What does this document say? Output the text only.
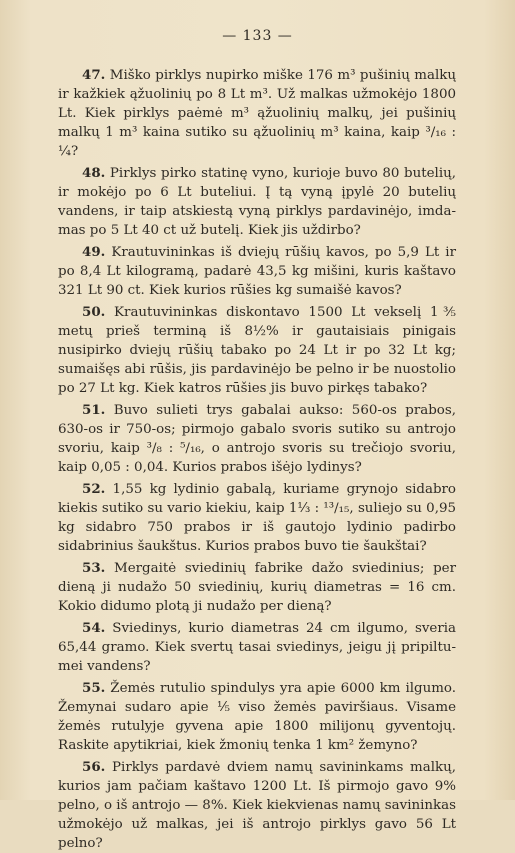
— 133 —

47. Miško pirklys nupirko miške 176 m³ pušinių malkų ir kažkiek ąžuolinių po 8 Lt m³. Už malkas užmokėjo 1800 Lt. Kiek pirklys paėmė m³ ąžuolinių malkų, jei pušinių malkų 1 m³ kaina sutiko su ąžuolinių m³ kaina, kaip ³/₁₆ : ¼?

48. Pirklys pirko statinę vyno, kurioje buvo 80 butelių, ir mokėjo po 6 Lt buteliui. Į tą vyną įpylė 20 butelių vandens, ir taip atskiestą vyną pirklys pardavinėjo, imdamas po 5 Lt 40 ct už butelį. Kiek jis uždirbo?

49. Krautuvininkas iš dviejų rūšių kavos, po 5,9 Lt ir po 8,4 Lt kilogramą, padarė 43,5 kg mišini, kuris kaštavo 321 Lt 90 ct. Kiek kurios rūšies kg sumaišė kavos?

50. Krautuvininkas diskontavo 1500 Lt vekselį 1⅗ metų prieš terminą iš 8½% ir gautaisiais pinigais nusipirko dviejų rūšių tabako po 24 Lt ir po 32 Lt kg; sumaišęs abi rūšis, jis pardavinėjo be pelno ir be nuostolio po 27 Lt kg. Kiek katros rūšies jis buvo pirkęs tabako?

51. Buvo sulieti trys gabalai aukso: 560-os prabos, 630-os ir 750-os; pirmojo gabalo svoris sutiko su antrojo svoriu, kaip ³/₈ : ⁵/₁₆, o antrojo svoris su trečiojo svoriu, kaip 0,05 : 0,04. Kurios prabos išėjo lydinys?

52. 1,55 kg lydinio gabalą, kuriame grynojo sidabro kiekis sutiko su vario kiekiu, kaip 1⅓ : ¹³/₁₅, suliejo su 0,95 kg sidabro 750 prabos ir iš gautojo lydinio padirbo sidabrinius šaukštus. Kurios prabos buvo tie šaukštai?

53. Mergaitė sviedinių fabrike dažo sviedinius; per dieną ji nudažo 50 sviedinių, kurių diametras = 16 cm. Kokio didumo plotą ji nudažo per dieną?

54. Sviedinys, kurio diametras 24 cm ilgumo, sveria 65,44 gramo. Kiek svertų tasai sviedinys, jeigu jį pripiltumei vandens?

55. Žemės rutulio spindulys yra apie 6000 km ilgumo. Žemynai sudaro apie ⅕ viso žemės paviršiaus. Visame žemės rutulyje gyvena apie 1800 milijonų gyventojų. Raskite apytikriai, kiek žmonių tenka 1 km² žemyno?

56. Pirklys pardavė dviem namų savininkams malkų, kurios jam pačiam kaštavo 1200 Lt. Iš pirmojo gavo 9% pelno, o iš antrojo — 8%. Kiek kiekvienas namų savininkas užmokėjo už malkas, jei iš antrojo pirklys gavo 56 Lt pelno?
